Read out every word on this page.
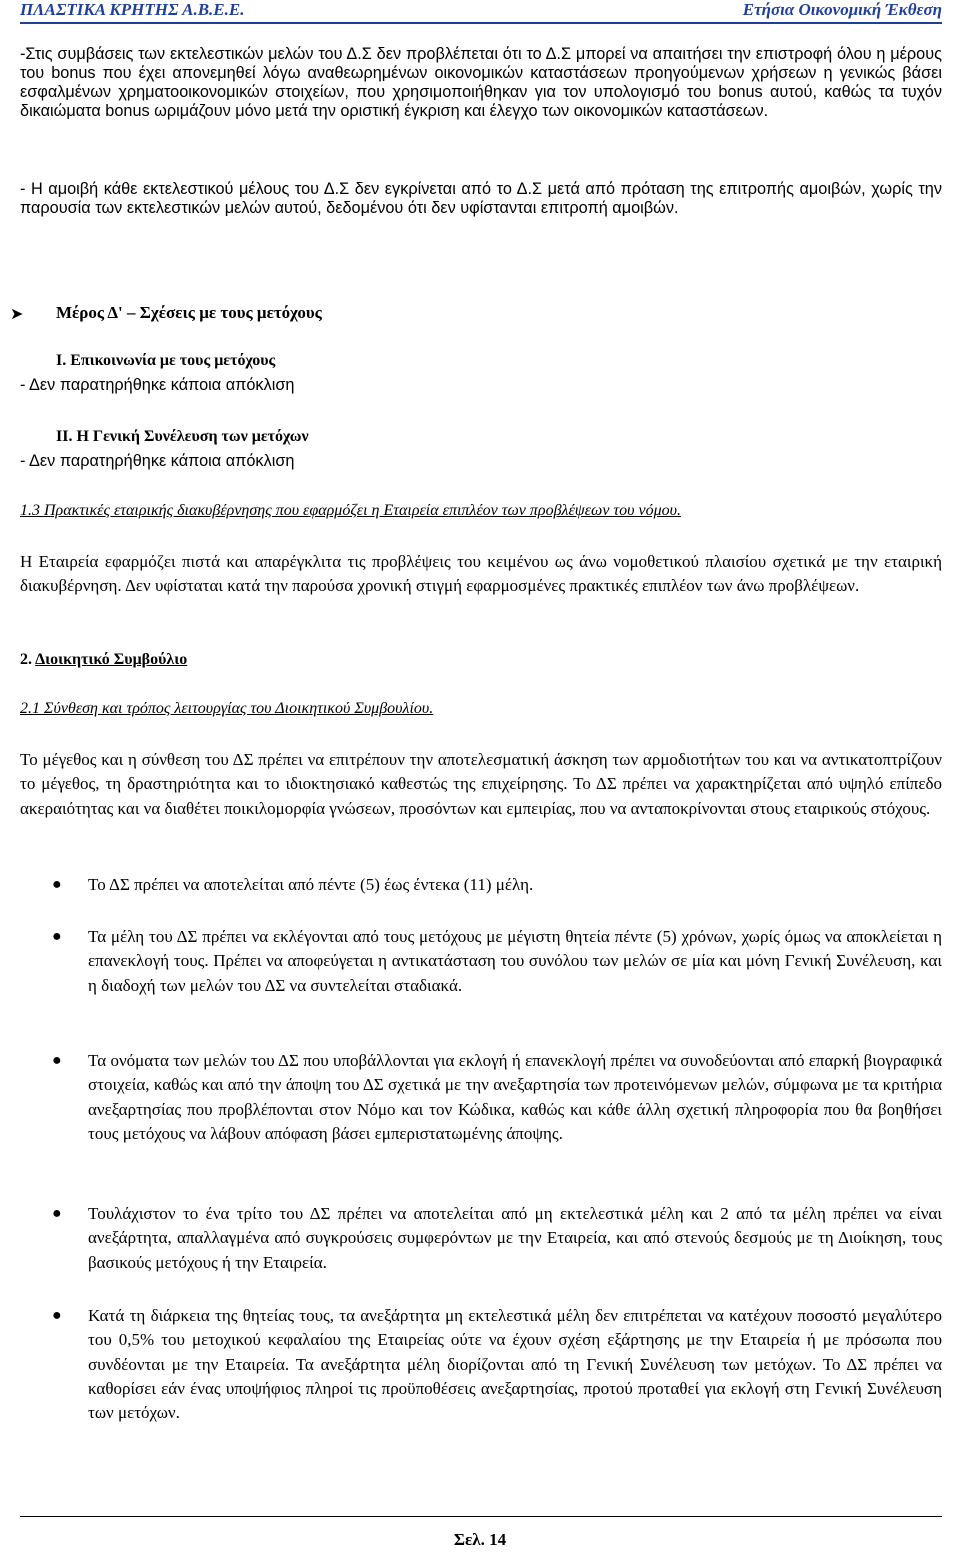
ΠΛΑΣΤΙΚΑ ΚΡΗΤΗΣ Α.Β.Ε.Ε.	Ετήσια Οικονομική Έκθεση

-Στις συμβάσεις των εκτελεστικών μελών του Δ.Σ δεν προβλέπεται ότι το Δ.Σ μπορεί να απαιτήσει την επιστροφή όλου η μέρους του bonus που έχει απονεμηθεί λόγω αναθεωρημένων οικονομικών καταστάσεων προηγούμενων χρήσεων η γενικώς βάσει εσφαλμένων χρηματοοικονομικών στοιχείων, που χρησιμοποιήθηκαν για τον υπολογισμό του bonus αυτού, καθώς τα τυχόν δικαιώματα bonus ωριμάζουν μόνο μετά την οριστική έγκριση και έλεγχο των οικονομικών καταστάσεων.

- Η αμοιβή κάθε εκτελεστικού μέλους του Δ.Σ δεν εγκρίνεται από το Δ.Σ μετά από πρόταση της επιτροπής αμοιβών, χωρίς την παρουσία των εκτελεστικών μελών αυτού, δεδομένου ότι δεν υφίστανται επιτροπή αμοιβών.

➤ Μέρος Δ' – Σχέσεις με τους μετόχους
Ι. Επικοινωνία με τους μετόχους
- Δεν παρατηρήθηκε κάποια απόκλιση
ΙΙ. Η Γενική Συνέλευση των μετόχων
- Δεν παρατηρήθηκε κάποια απόκλιση
1.3 Πρακτικές εταιρικής διακυβέρνησης που εφαρμόζει η Εταιρεία επιπλέον των προβλέψεων του νόμου.

Η Εταιρεία εφαρμόζει πιστά και απαρέγκλιτα τις προβλέψεις του κειμένου ως άνω νομοθετικού πλαισίου σχετικά με την εταιρική διακυβέρνηση. Δεν υφίσταται κατά την παρούσα χρονική στιγμή εφαρμοσμένες πρακτικές επιπλέον των άνω προβλέψεων.

2. Διοικητικό Συμβούλιο
2.1 Σύνθεση και τρόπος λειτουργίας του Διοικητικού Συμβουλίου.

Το μέγεθος και η σύνθεση του ΔΣ πρέπει να επιτρέπουν την αποτελεσματική άσκηση των αρμοδιοτήτων του και να αντικατοπτρίζουν το μέγεθος, τη δραστηριότητα και το ιδιοκτησιακό καθεστώς της επιχείρησης. Το ΔΣ πρέπει να χαρακτηρίζεται από υψηλό επίπεδο ακεραιότητας και να διαθέτει ποικιλομορφία γνώσεων, προσόντων και εμπειρίας, που να ανταποκρίνονται στους εταιρικούς στόχους.

● Το ΔΣ πρέπει να αποτελείται από πέντε (5) έως έντεκα (11) μέλη.

● Τα μέλη του ΔΣ πρέπει να εκλέγονται από τους μετόχους με μέγιστη θητεία πέντε (5) χρόνων, χωρίς όμως να αποκλείεται η επανεκλογή τους. Πρέπει να αποφεύγεται η αντικατάσταση του συνόλου των μελών σε μία και μόνη Γενική Συνέλευση, και η διαδοχή των μελών του ΔΣ να συντελείται σταδιακά.

● Τα ονόματα των μελών του ΔΣ που υποβάλλονται για εκλογή ή επανεκλογή πρέπει να συνοδεύονται από επαρκή βιογραφικά στοιχεία, καθώς και από την άποψη του ΔΣ σχετικά με την ανεξαρτησία των προτεινόμενων μελών, σύμφωνα με τα κριτήρια ανεξαρτησίας που προβλέπονται στον Νόμο και τον Κώδικα, καθώς και κάθε άλλη σχετική πληροφορία που θα βοηθήσει τους μετόχους να λάβουν απόφαση βάσει εμπεριστατωμένης άποψης.

● Τουλάχιστον το ένα τρίτο του ΔΣ πρέπει να αποτελείται από μη εκτελεστικά μέλη και 2 από τα μέλη πρέπει να είναι ανεξάρτητα, απαλλαγμένα από συγκρούσεις συμφερόντων με την Εταιρεία, και από στενούς δεσμούς με τη Διοίκηση, τους βασικούς μετόχους ή την Εταιρεία.

● Κατά τη διάρκεια της θητείας τους, τα ανεξάρτητα μη εκτελεστικά μέλη δεν επιτρέπεται να κατέχουν ποσοστό μεγαλύτερο του 0,5% του μετοχικού κεφαλαίου της Εταιρείας ούτε να έχουν σχέση εξάρτησης με την Εταιρεία ή με πρόσωπα που συνδέονται με την Εταιρεία. Τα ανεξάρτητα μέλη διορίζονται από τη Γενική Συνέλευση των μετόχων. Το ΔΣ πρέπει να καθορίσει εάν ένας υποψήφιος πληροί τις προϋποθέσεις ανεξαρτησίας, προτού προταθεί για εκλογή στη Γενική Συνέλευση των μετόχων.

Σελ. 14
